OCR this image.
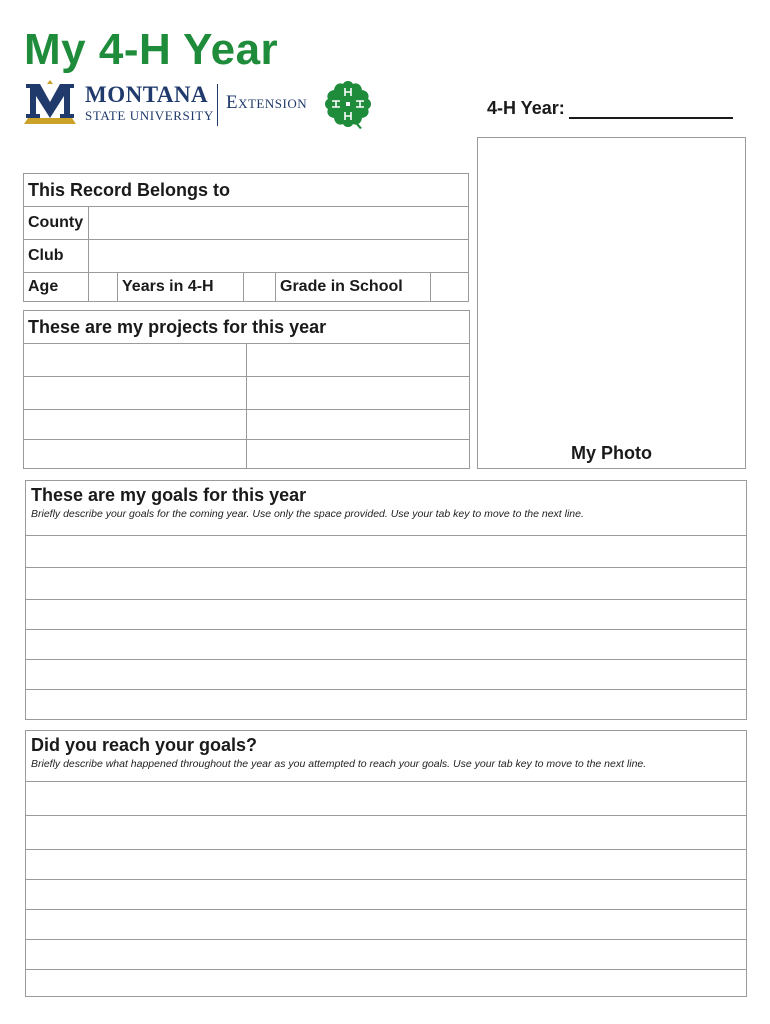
My 4-H Year
MONTANA
STATE UNIVERSITY
Extension	4-H Year:
My Photo
This Record Belongs to
County
Club
Age	Years in 4-H	Grade in School
These are my projects for this year
These are my goals for this year
Briefly describe your goals for the coming year. Use only the space provided. Use your tab key to move to the next line.
Did you reach your goals?
Briefly describe what happened throughout the year as you attempted to reach your goals. Use your tab key to move to the next line.
